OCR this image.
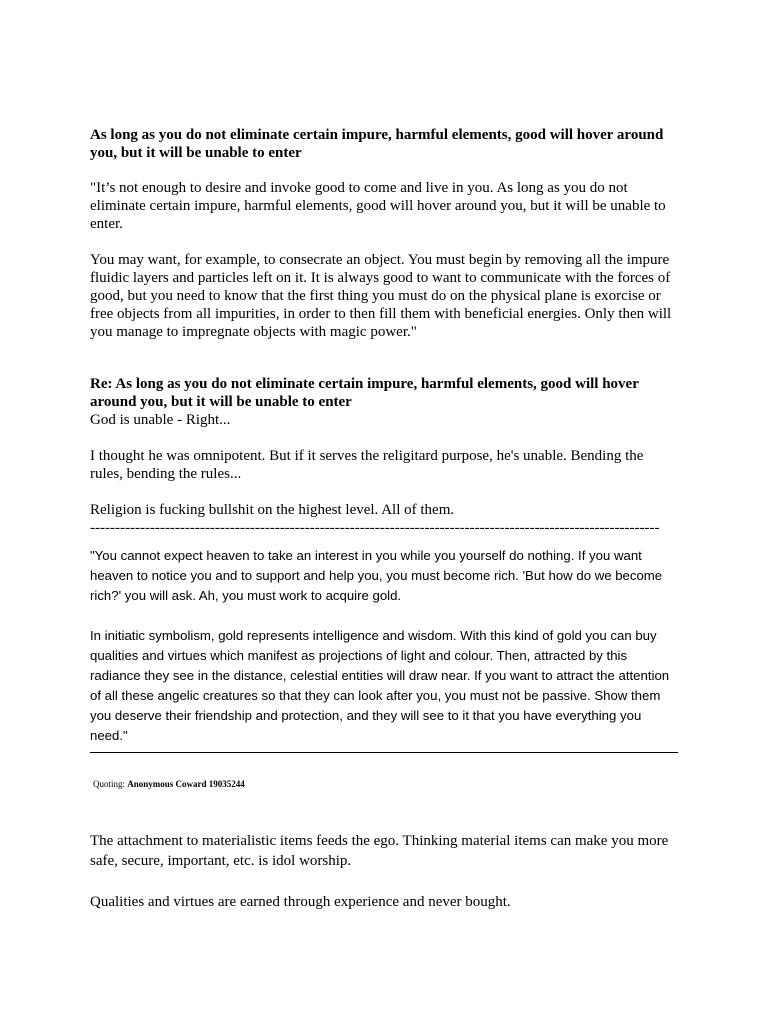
As long as you do not eliminate certain impure, harmful elements, good will hover around you, but it will be unable to enter

"It’s not enough to desire and invoke good to come and live in you. As long as you do not eliminate certain impure, harmful elements, good will hover around you, but it will be unable to enter.

You may want, for example, to consecrate an object. You must begin by removing all the impure fluidic layers and particles left on it. It is always good to want to communicate with the forces of good, but you need to know that the first thing you must do on the physical plane is exorcise or free objects from all impurities, in order to then fill them with beneficial energies. Only then will you manage to impregnate objects with magic power."

Re: As long as you do not eliminate certain impure, harmful elements, good will hover around you, but it will be unable to enter

God is unable - Right...

I thought he was omnipotent. But if it serves the religitard purpose, he's unable. Bending the rules, bending the rules...

Religion is fucking bullshit on the highest level. All of them.

------------------------------------------------------------------------------------------------------------------

"You cannot expect heaven to take an interest in you while you yourself do nothing. If you want heaven to notice you and to support and help you, you must become rich. 'But how do we become rich?' you will ask. Ah, you must work to acquire gold.

In initiatic symbolism, gold represents intelligence and wisdom. With this kind of gold you can buy qualities and virtues which manifest as projections of light and colour. Then, attracted by this radiance they see in the distance, celestial entities will draw near. If you want to attract the attention of all these angelic creatures so that they can look after you, you must not be passive. Show them you deserve their friendship and protection, and they will see to it that you have everything you need."

Quoting: Anonymous Coward 19035244

The attachment to materialistic items feeds the ego. Thinking material items can make you more safe, secure, important, etc. is idol worship.

Qualities and virtues are earned through experience and never bought.
